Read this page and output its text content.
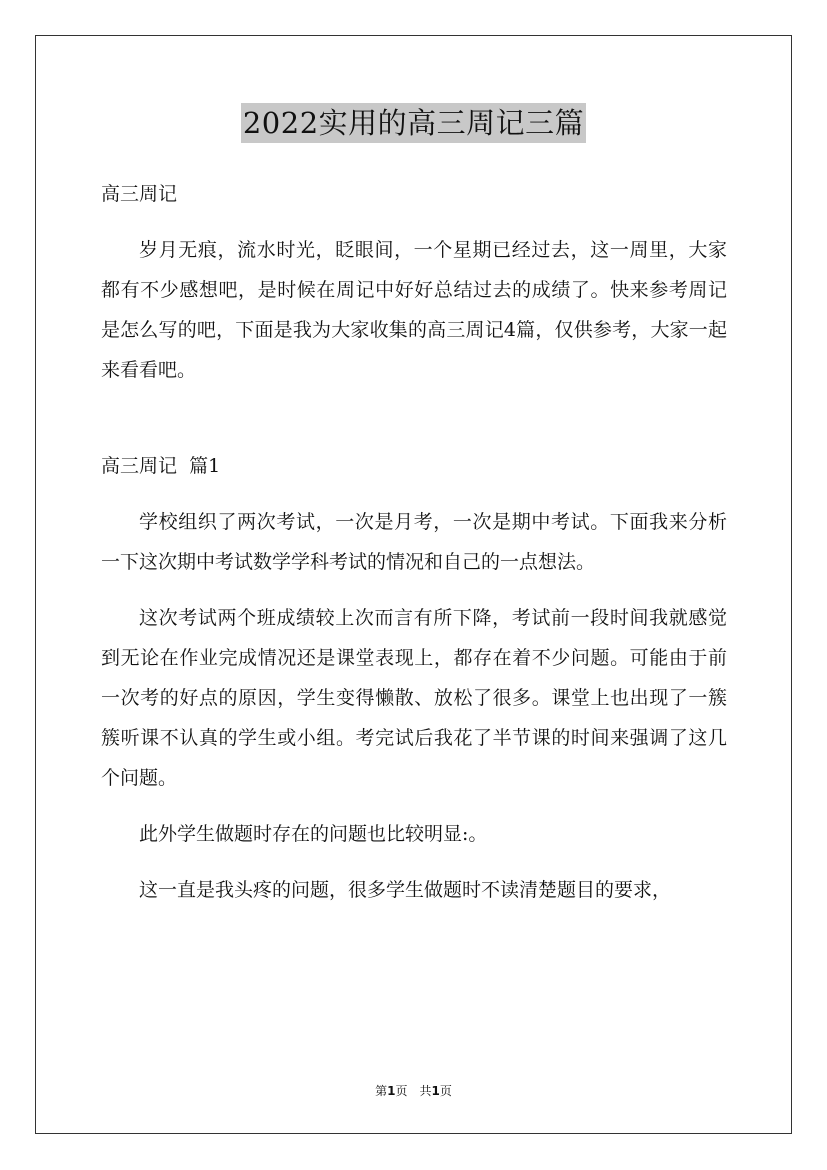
2022实用的高三周记三篇

高三周记

岁月无痕，流水时光，眨眼间，一个星期已经过去，这一周里，大家都有不少感想吧，是时候在周记中好好总结过去的成绩了。快来参考周记是怎么写的吧，下面是我为大家收集的高三周记4篇，仅供参考，大家一起来看看吧。

高三周记  篇1

学校组织了两次考试，一次是月考，一次是期中考试。下面我来分析一下这次期中考试数学学科考试的情况和自己的一点想法。

这次考试两个班成绩较上次而言有所下降，考试前一段时间我就感觉到无论在作业完成情况还是课堂表现上，都存在着不少问题。可能由于前一次考的好点的原因，学生变得懒散、放松了很多。课堂上也出现了一簇簇听课不认真的学生或小组。考完试后我花了半节课的时间来强调了这几个问题。

此外学生做题时存在的问题也比较明显:。

这一直是我头疼的问题，很多学生做题时不读清楚题目的要求，

第1页 共1页
